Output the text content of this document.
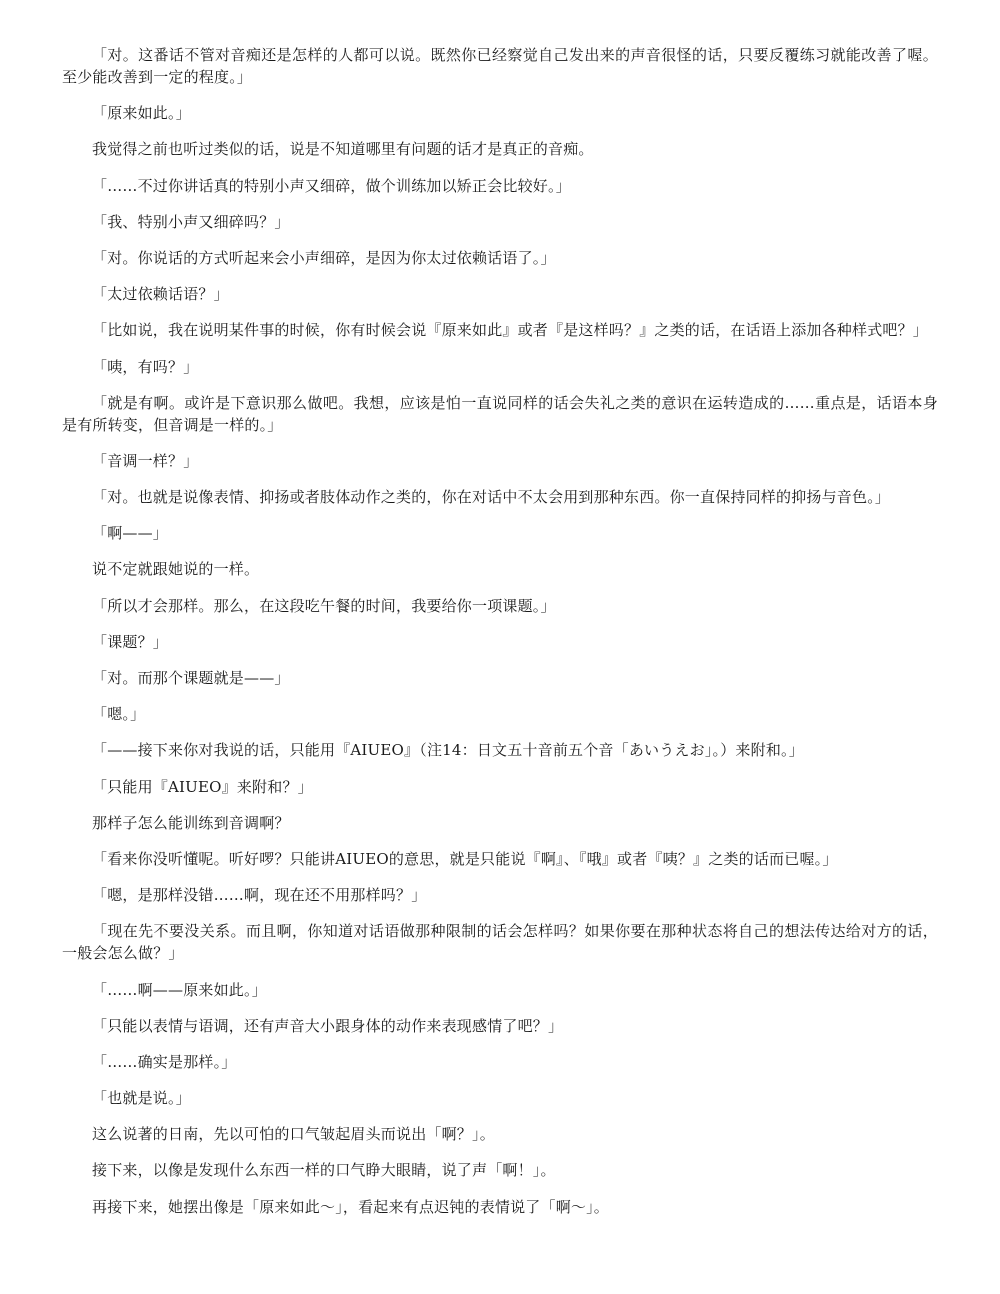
「对。这番话不管对音痴还是怎样的人都可以说。既然你已经察觉自己发出来的声音很怪的话，只要反覆练习就能改善了喔。至少能改善到一定的程度。」

「原来如此。」

我觉得之前也听过类似的话，说是不知道哪里有问题的话才是真正的音痴。

「……不过你讲话真的特别小声又细碎，做个训练加以矫正会比较好。」

「我、特别小声又细碎吗？」

「对。你说话的方式听起来会小声细碎，是因为你太过依赖话语了。」

「太过依赖话语？」

「比如说，我在说明某件事的时候，你有时候会说『原来如此』或者『是这样吗？』之类的话，在话语上添加各种样式吧？」

「咦，有吗？」

「就是有啊。或许是下意识那么做吧。我想，应该是怕一直说同样的话会失礼之类的意识在运转造成的……重点是，话语本身是有所转变，但音调是一样的。」

「音调一样？」

「对。也就是说像表情、抑扬或者肢体动作之类的，你在对话中不太会用到那种东西。你一直保持同样的抑扬与音色。」

「啊——」

说不定就跟她说的一样。

「所以才会那样。那么，在这段吃午餐的时间，我要给你一项课题。」

「课题？」

「对。而那个课题就是——」

「嗯。」

「——接下来你对我说的话，只能用『AIUEO』（注14：日文五十音前五个音「あいうえお」。）来附和。」

「只能用『AIUEO』来附和？」

那样子怎么能训练到音调啊？

「看来你没听懂呢。听好啰？只能讲AIUEO的意思，就是只能说『啊』、『哦』或者『咦？』之类的话而已喔。」

「嗯，是那样没错……啊，现在还不用那样吗？」

「现在先不要没关系。而且啊，你知道对话语做那种限制的话会怎样吗？如果你要在那种状态将自己的想法传达给对方的话，一般会怎么做？」

「……啊——原来如此。」

「只能以表情与语调，还有声音大小跟身体的动作来表现感情了吧？」

「……确实是那样。」

「也就是说。」

这么说著的日南，先以可怕的口气皱起眉头而说出「啊？」。

接下来，以像是发现什么东西一样的口气睁大眼睛，说了声「啊！」。

再接下来，她摆出像是「原来如此～」，看起来有点迟钝的表情说了「啊～」。
